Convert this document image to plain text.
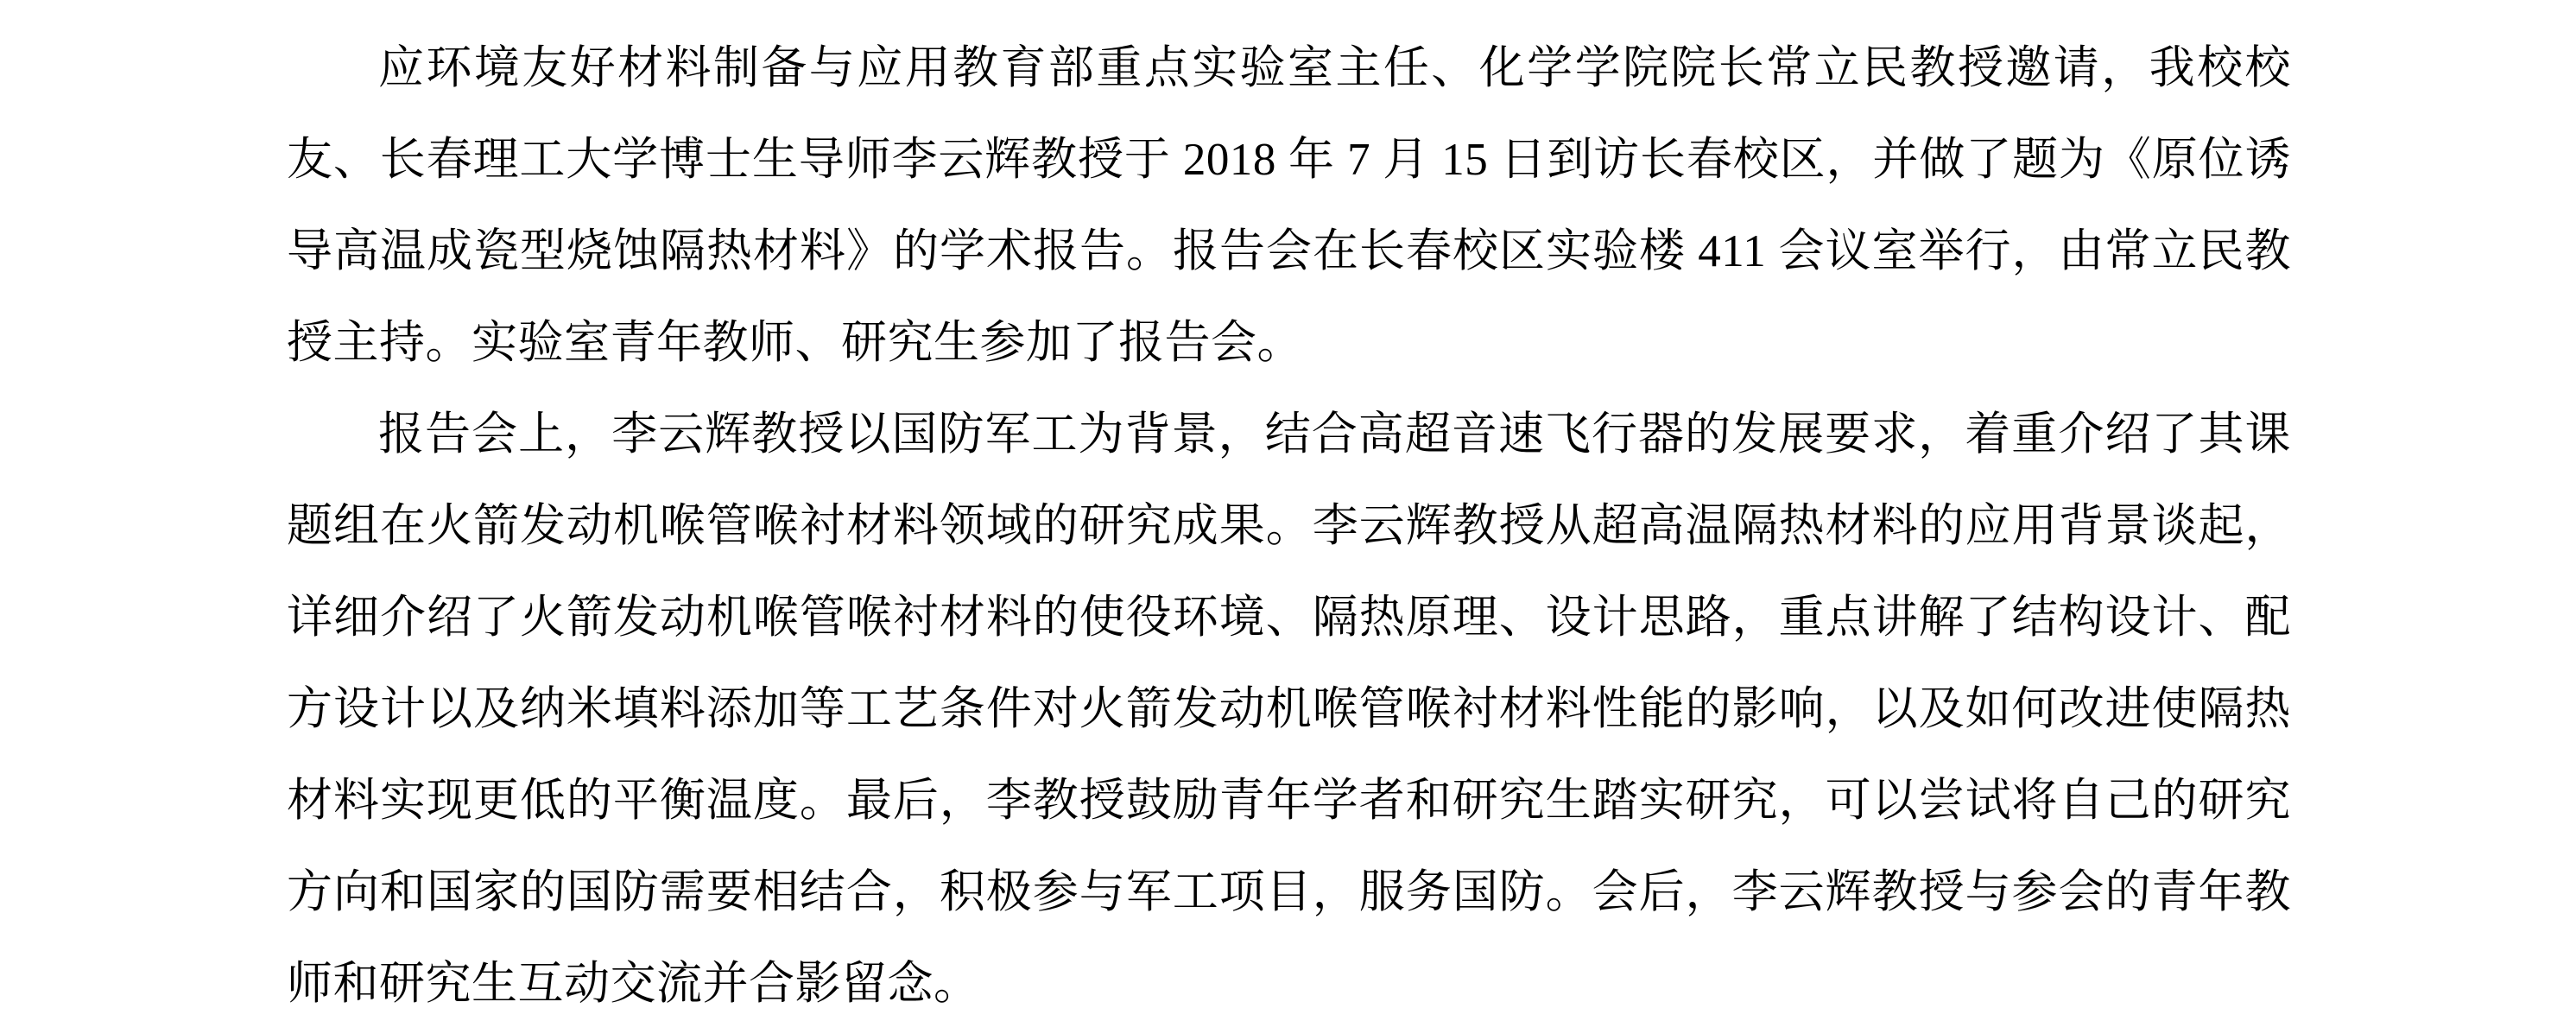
应环境友好材料制备与应用教育部重点实验室主任、化学学院院长常立民教授邀请，我校校友、长春理工大学博士生导师李云辉教授于 2018 年 7 月 15 日到访长春校区，并做了题为《原位诱导高温成瓷型烧蚀隔热材料》的学术报告。报告会在长春校区实验楼 411 会议室举行，由常立民教授主持。实验室青年教师、研究生参加了报告会。

报告会上，李云辉教授以国防军工为背景，结合高超音速飞行器的发展要求，着重介绍了其课题组在火箭发动机喉管喉衬材料领域的研究成果。李云辉教授从超高温隔热材料的应用背景谈起，详细介绍了火箭发动机喉管喉衬材料的使役环境、隔热原理、设计思路，重点讲解了结构设计、配方设计以及纳米填料添加等工艺条件对火箭发动机喉管喉衬材料性能的影响，以及如何改进使隔热材料实现更低的平衡温度。最后，李教授鼓励青年学者和研究生踏实研究，可以尝试将自己的研究方向和国家的国防需要相结合，积极参与军工项目，服务国防。会后，李云辉教授与参会的青年教师和研究生互动交流并合影留念。
